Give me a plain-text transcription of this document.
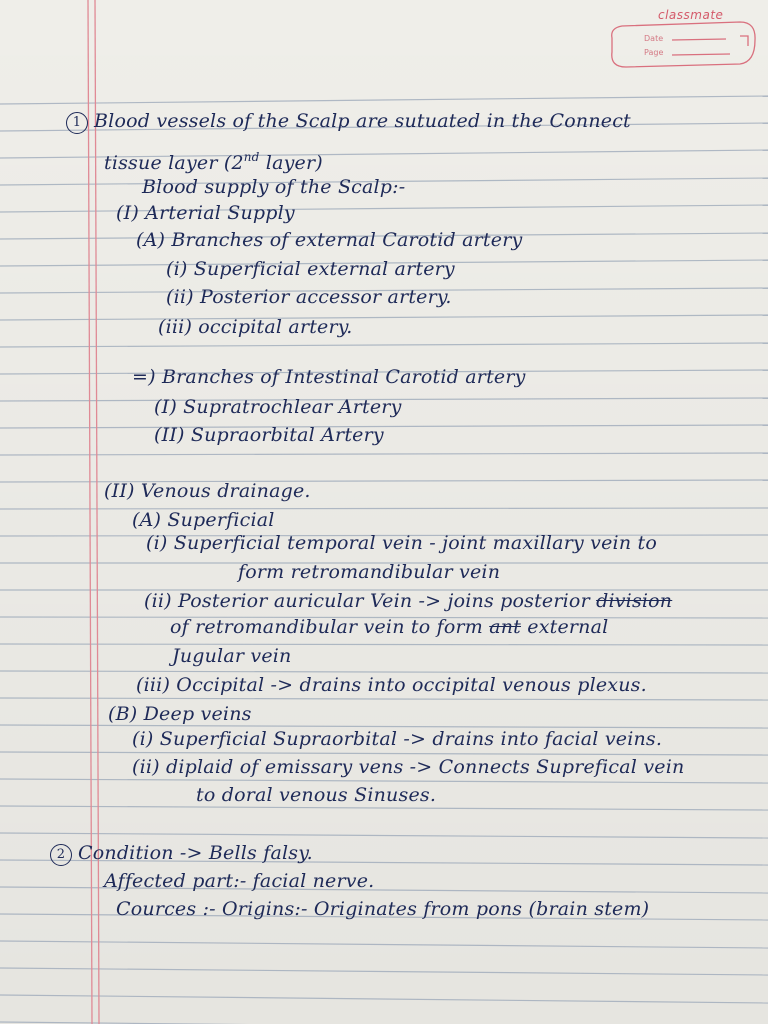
classmate
Date
Page
1 Blood vessels of the Scalp are sutuated in the Connect
tissue layer (2nd layer)
Blood supply of the Scalp:-
(I) Arterial Supply
(A) Branches of external Carotid artery
(i) Superficial external artery
(ii) Posterior accessor artery.
(iii) occipital artery.
=) Branches of Intestinal Carotid artery
(I) Supratrochlear Artery
(II) Supraorbital Artery
(II) Venous drainage.
(A) Superficial
(i) Superficial temporal vein - joint maxillary vein to
form retromandibular vein
(ii) Posterior auricular Vein -> joins posterior division
of retromandibular vein to form ant external
Jugular vein
(iii) Occipital -> drains into occipital venous plexus.
(B) Deep veins
(i) Superficial Supraorbital -> drains into facial veins.
(ii) diplaid of emissary vens -> Connects Suprefical vein
to doral venous Sinuses.
2 Condition -> Bells falsy.
Affected part:- facial nerve.
Cources :- Origins:- Originates from pons (brain stem)
